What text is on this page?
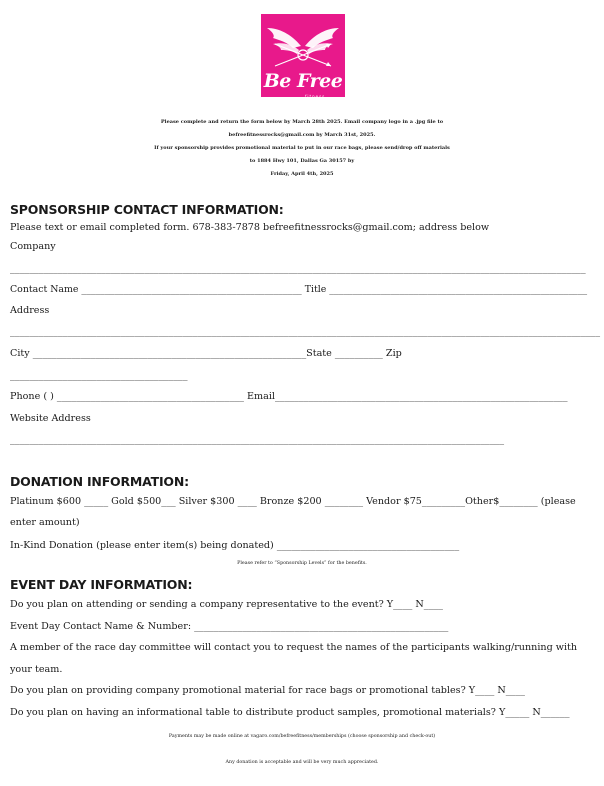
Be Free
fitness
Please complete and return the form below by March 28th 2025. Email company logo in a .jpg file to
befreefitnessrocks@gmail.com by March 31st, 2025.
If your sponsorship provides promotional material to put in our race bags, please send/drop off materials
to 1884 Hwy 101, Dallas Ga 30157 by
Friday, April 4th, 2025
SPONSORSHIP CONTACT INFORMATION:
Please text or email completed form. 678-383-7878 befreefitnessrocks@gmail.com; address below
Company
________________________________________________________________________________________________________________________
Contact Name _______________________________________________ Title _______________________________________________________
Address
___________________________________________________________________________________________________________________________
City _________________________________________________________State __________ Zip
_____________________________________
Phone ( ) _______________________________________ Email_____________________________________________________________
Website Address
_______________________________________________________________________________________________________
DONATION INFORMATION:
Platinum $600 _____ Gold $500___ Silver $300 ____ Bronze $200 ________ Vendor $75_________Other$________ (please
enter amount)
In-Kind Donation (please enter item(s) being donated) ______________________________________
Please refer to “Sponsorship Levels” for the benefits.
EVENT DAY INFORMATION:
Do you plan on attending or sending a company representative to the event? Y____ N____
Event Day Contact Name & Number: _____________________________________________________
A member of the race day committee will contact you to request the names of the participants walking/running with
your team.
Do you plan on providing company promotional material for race bags or promotional tables? Y____ N____
Do you plan on having an informational table to distribute product samples, promotional materials? Y_____ N______
Payments may be made online at vagaro.com/befreefitness/memberships (choose sponsorship and check-out)
Any donation is acceptable and will be very much appreciated.
